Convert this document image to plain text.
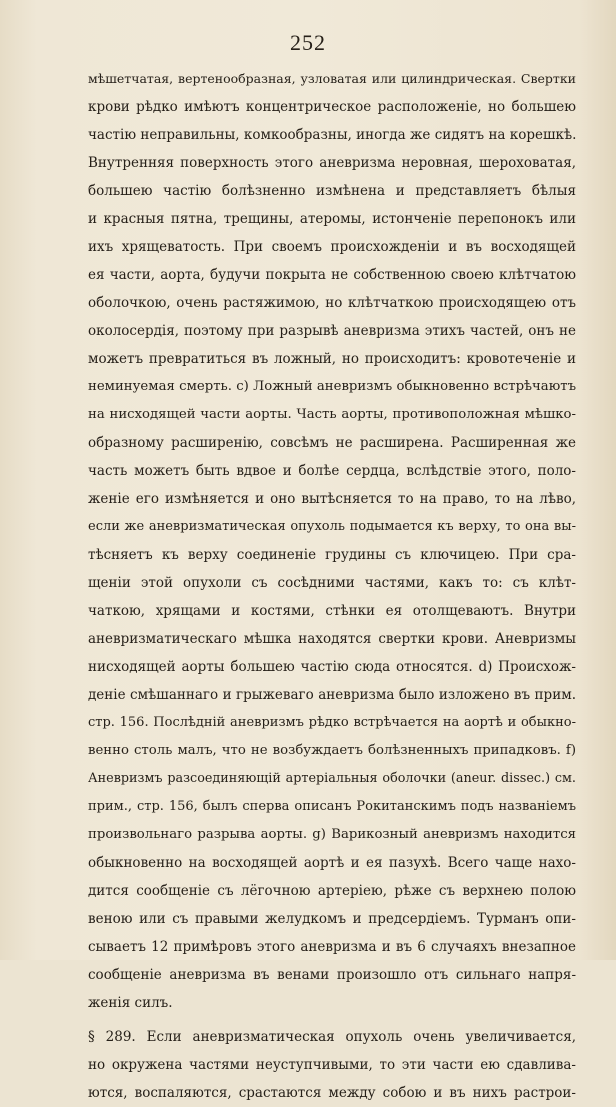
252
мѣшетчатая, вертенообразная, узловатая или цилиндрическая. Свертки
крови рѣдко имѣютъ концентрическое расположенiе, но большею
частiю неправильны, комкообразны, иногда же сидятъ на корешкѣ.
Внутренняя поверхность этого аневризма неровная, шероховатая,
большею частiю болѣзненно измѣнена и представляетъ бѣлыя
и красныя пятна, трещины, атеромы, истонченiе перепонокъ или
ихъ хрящеватость. При своемъ происхожденiи и въ восходящей
ея части, аорта, будучи покрыта не собственною своею клѣтчатою
оболочкою, очень растяжимою, но клѣтчаткою происходящею отъ
околосердiя, поэтому при разрывѣ аневризма этихъ частей, онъ не
можетъ превратиться въ ложный, но происходитъ: кровотеченiе и
неминуемая смерть. c) Ложный аневризмъ обыкновенно встрѣчаютъ
на нисходящей части аорты. Часть аорты, противоположная мѣшко-
образному расширенiю, совсѣмъ не расширена. Расширенная же
часть можетъ быть вдвое и болѣе сердца, вслѣдствiе этого, поло-
женiе его измѣняется и оно вытѣсняется то на право, то на лѣво,
если же аневризматическая опухоль подымается къ верху, то она вы-
тѣсняетъ къ верху соединенiе грудины съ ключицею. При сра-
щенiи этой опухоли съ сосѣдними частями, какъ то: съ клѣт-
чаткою, хрящами и костями, стѣнки ея отолщеваютъ. Внутри
аневризматическаго мѣшка находятся свертки крови. Аневризмы
нисходящей аорты большею частiю сюда относятся. d) Происхож-
денiе смѣшаннаго и грыжеваго аневризма было изложено въ прим.
стр. 156. Послѣднiй аневризмъ рѣдко встрѣчается на аортѣ и обыкно-
венно столь малъ, что не возбуждаетъ болѣзненныхъ припадковъ. f)
Аневризмъ разсоединяющiй артерiальныя оболочки (aneur. dissec.) см.
прим., стр. 156, былъ сперва описанъ Рокитанскимъ подъ названiемъ
произвольнаго разрыва аорты. g) Варикозный аневризмъ находится
обыкновенно на восходящей аортѣ и ея пазухѣ. Всего чаще нахо-
дится сообщенiе съ лёгочною артерiею, рѣже съ верхнею полою
веною или съ правыми желудкомъ и предсердiемъ. Турманъ опи-
сываетъ 12 примѣровъ этого аневризма и въ 6 случаяхъ внезапное
сообщенiе аневризма въ венами произошло отъ сильнаго напря-
женiя силъ.
§ 289. Если аневризматическая опухоль очень увеличивается,
но окружена частями неуступчивыми, то эти части ею сдавлива-
ются, воспаляются, срастаются между собою и въ нихъ растрои-
